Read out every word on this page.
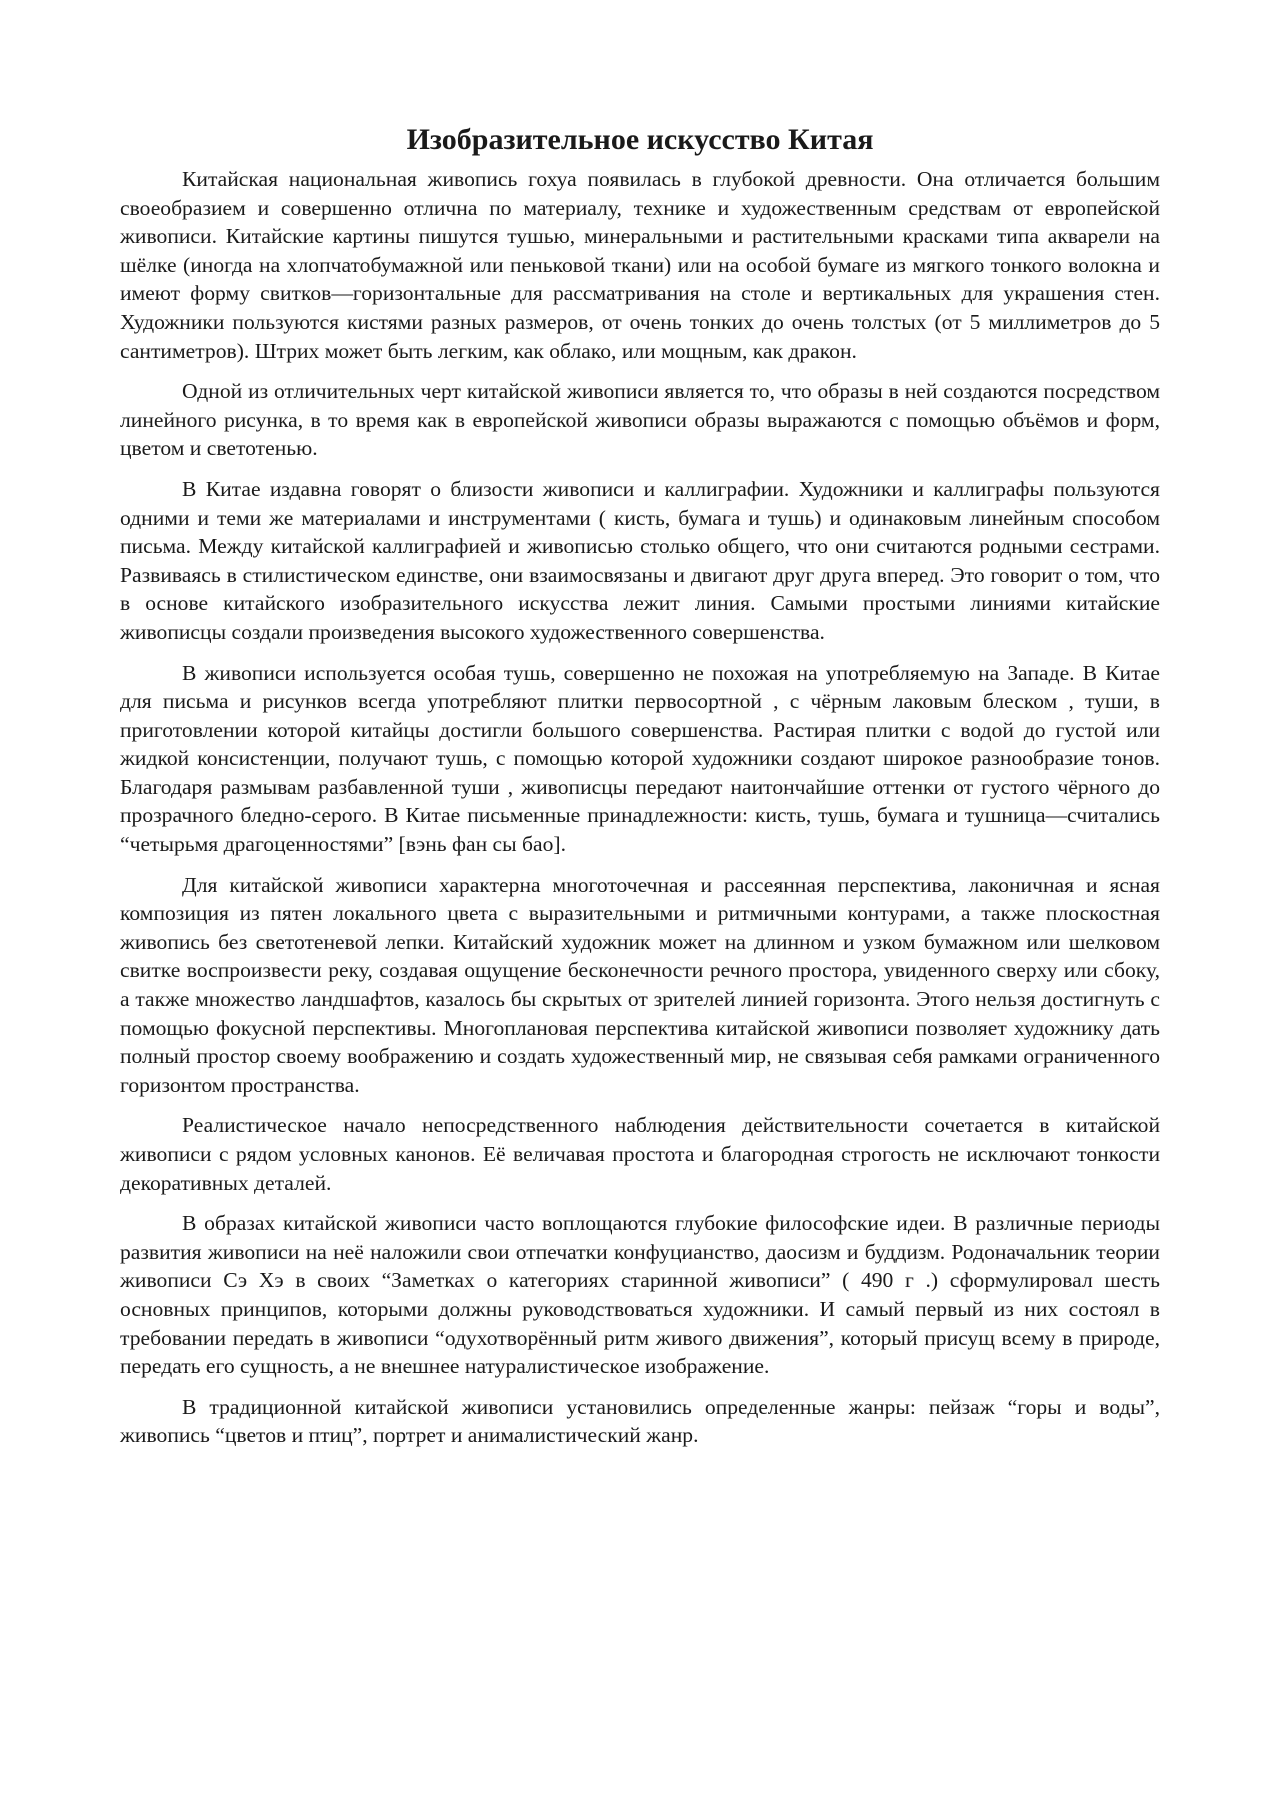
Изобразительное искусство Китая

Китайская национальная живопись гохуа появилась в глубокой древности. Она отличается большим своеобразием и совершенно отлична по материалу, технике и художественным средствам от европейской живописи. Китайские картины пишутся тушью, минеральными и растительными красками типа акварели на шёлке (иногда на хлопчатобумажной или пеньковой ткани) или на особой бумаге из мягкого тонкого волокна и имеют форму свитков—горизонтальные для рассматривания на столе и вертикальных для украшения стен. Художники пользуются кистями разных размеров, от очень тонких до очень толстых (от 5 миллиметров до 5 сантиметров). Штрих может быть легким, как облако, или мощным, как дракон.

Одной из отличительных черт китайской живописи является то, что образы в ней создаются посредством линейного рисунка, в то время как в европейской живописи образы выражаются с помощью объёмов и форм, цветом и светотенью.

В Китае издавна говорят о близости живописи и каллиграфии. Художники и каллиграфы пользуются одними и теми же материалами и инструментами ( кисть, бумага и тушь) и одинаковым линейным способом письма. Между китайской каллиграфией и живописью столько общего, что они считаются родными сестрами. Развиваясь в стилистическом единстве, они взаимосвязаны и двигают друг друга вперед. Это говорит о том, что в основе китайского изобразительного искусства лежит линия. Самыми простыми линиями китайские живописцы создали произведения высокого художественного совершенства.

В живописи используется особая тушь, совершенно не похожая на употребляемую на Западе. В Китае для письма и рисунков всегда употребляют плитки первосортной , с чёрным лаковым блеском , туши, в приготовлении которой китайцы достигли большого совершенства. Растирая плитки с водой до густой или жидкой консистенции, получают тушь, с помощью которой художники создают широкое разнообразие тонов. Благодаря размывам разбавленной туши , живописцы передают наитончайшие оттенки от густого чёрного до прозрачного бледно-серого. В Китае письменные принадлежности: кисть, тушь, бумага и тушница—считались “четырьмя драгоценностями” [вэнь фан сы бао].

Для китайской живописи характерна многоточечная и рассеянная перспектива, лаконичная и ясная композиция из пятен локального цвета с выразительными и ритмичными контурами, а также плоскостная живопись без светотеневой лепки. Китайский художник может на длинном и узком бумажном или шелковом свитке воспроизвести реку, создавая ощущение бесконечности речного простора, увиденного сверху или сбоку, а также множество ландшафтов, казалось бы скрытых от зрителей линией горизонта. Этого нельзя достигнуть с помощью фокусной перспективы. Многоплановая перспектива китайской живописи позволяет художнику дать полный простор своему воображению и создать художественный мир, не связывая себя рамками ограниченного горизонтом пространства.

Реалистическое начало непосредственного наблюдения действительности сочетается в китайской живописи с рядом условных канонов. Её величавая простота и благородная строгость не исключают тонкости декоративных деталей.

В образах китайской живописи часто воплощаются глубокие философские идеи. В различные периоды развития живописи на неё наложили свои отпечатки конфуцианство, даосизм и буддизм. Родоначальник теории живописи Сэ Хэ в своих “Заметках о категориях старинной живописи” ( 490 г .) сформулировал шесть основных принципов, которыми должны руководствоваться художники. И самый первый из них состоял в требовании передать в живописи “одухотворённый ритм живого движения”, который присущ всему в природе, передать его сущность, а не внешнее натуралистическое изображение.

В традиционной китайской живописи установились определенные жанры: пейзаж “горы и воды”, живопись “цветов и птиц”, портрет и анималистический жанр.
